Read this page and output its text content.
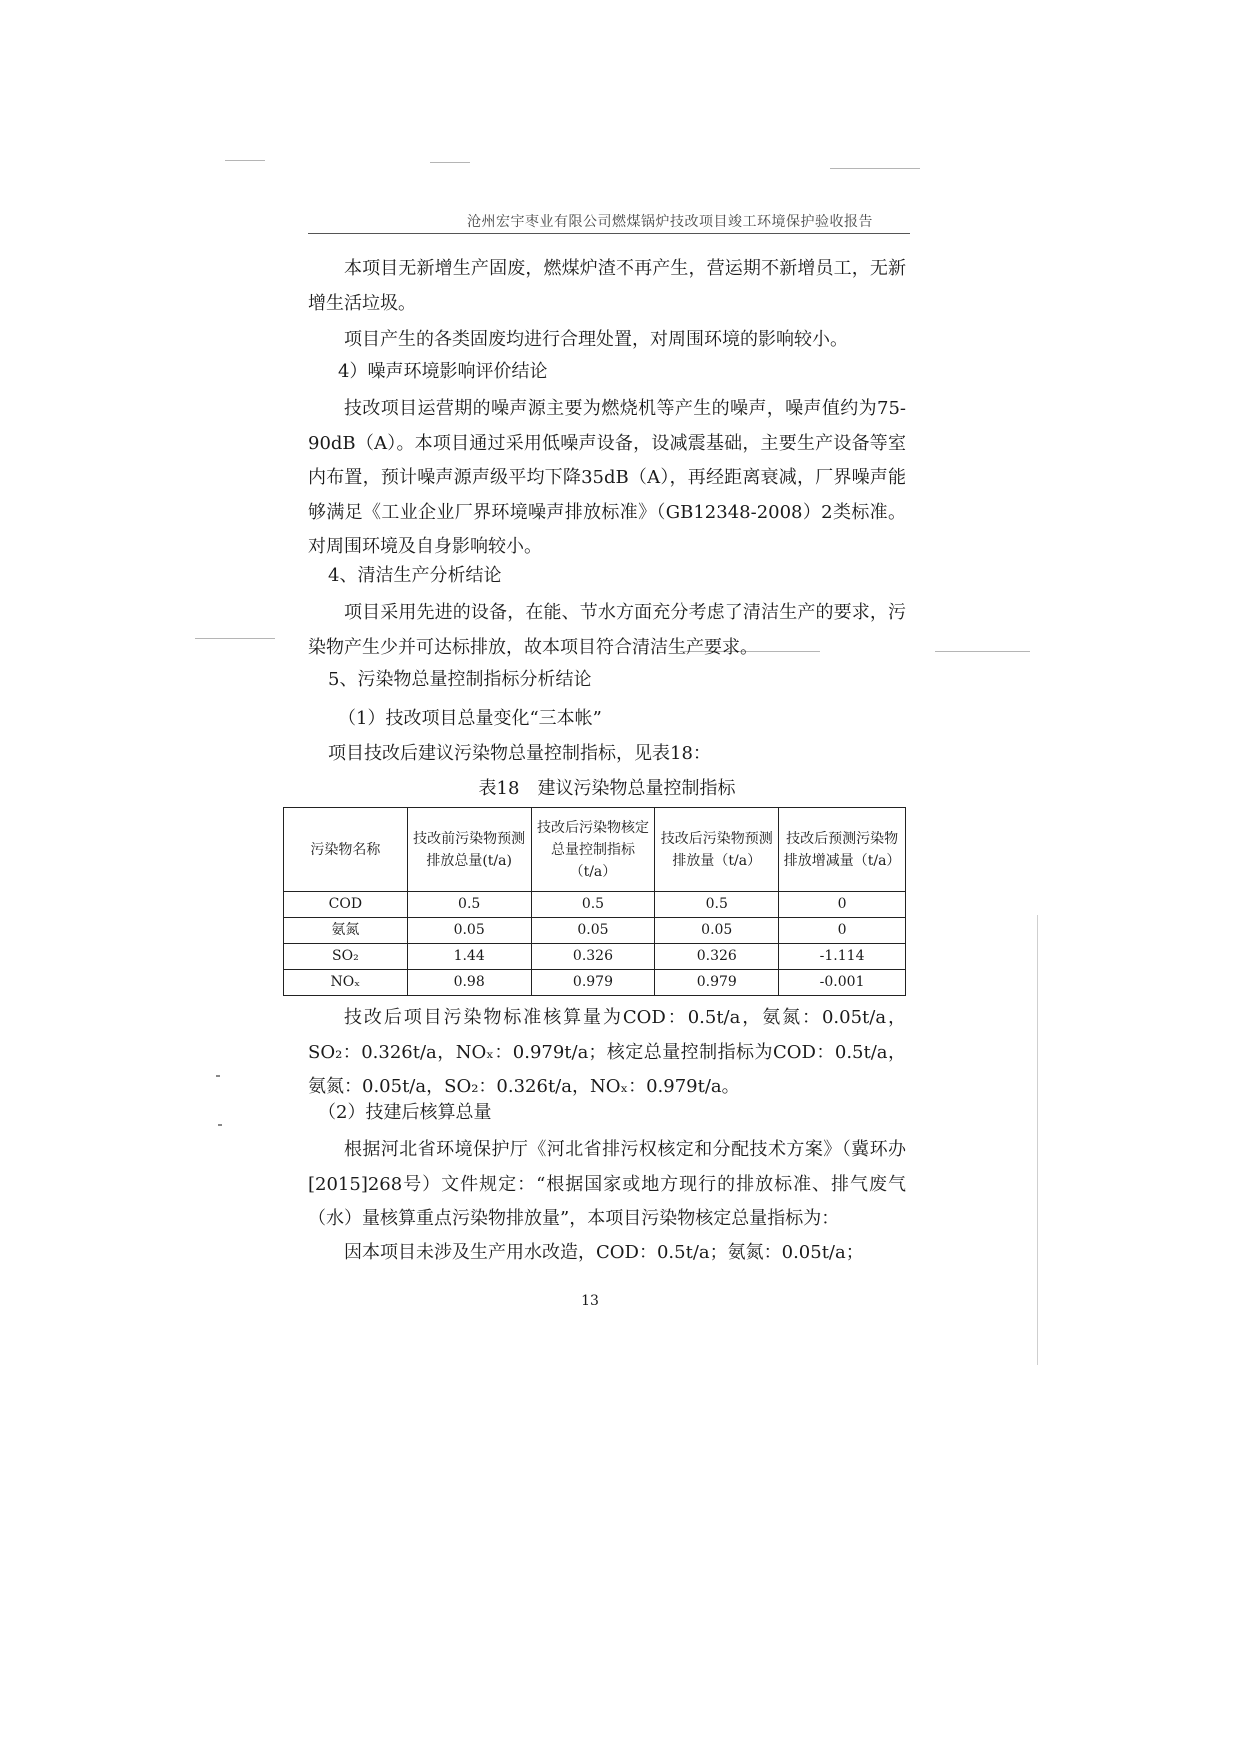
沧州宏宇枣业有限公司燃煤锅炉技改项目竣工环境保护验收报告

本项目无新增生产固废，燃煤炉渣不再产生，营运期不新增员工，无新增生活垃圾。

项目产生的各类固废均进行合理处置，对周围环境的影响较小。

4）噪声环境影响评价结论

技改项目运营期的噪声源主要为燃烧机等产生的噪声，噪声值约为75-90dB（A）。本项目通过采用低噪声设备，设减震基础，主要生产设备等室内布置，预计噪声源声级平均下降35dB（A），再经距离衰减，厂界噪声能够满足《工业企业厂界环境噪声排放标准》（GB12348-2008）2类标准。对周围环境及自身影响较小。

4、清洁生产分析结论

项目采用先进的设备，在能、节水方面充分考虑了清洁生产的要求，污染物产生少并可达标排放，故本项目符合清洁生产要求。

5、污染物总量控制指标分析结论

（1）技改项目总量变化“三本帐”

项目技改后建议污染物总量控制指标，见表18：

表18　建议污染物总量控制指标
污染物名称	技改前污染物预测排放总量(t/a)	技改后污染物核定总量控制指标（t/a）	技改后污染物预测排放量（t/a）	技改后预测污染物排放增减量（t/a）
COD	0.5	0.5	0.5	0
氨氮	0.05	0.05	0.05	0
SO₂	1.44	0.326	0.326	-1.114
NOₓ	0.98	0.979	0.979	-0.001

技改后项目污染物标准核算量为COD：0.5t/a，氨氮：0.05t/a，SO₂：0.326t/a，NOₓ：0.979t/a；核定总量控制指标为COD：0.5t/a，氨氮：0.05t/a，SO₂：0.326t/a，NOₓ：0.979t/a。

（2）技建后核算总量

根据河北省环境保护厅《河北省排污权核定和分配技术方案》（冀环办[2015]268号）文件规定：“根据国家或地方现行的排放标准、排气废气（水）量核算重点污染物排放量”，本项目污染物核定总量指标为：

因本项目未涉及生产用水改造，COD：0.5t/a；氨氮：0.05t/a；

13
